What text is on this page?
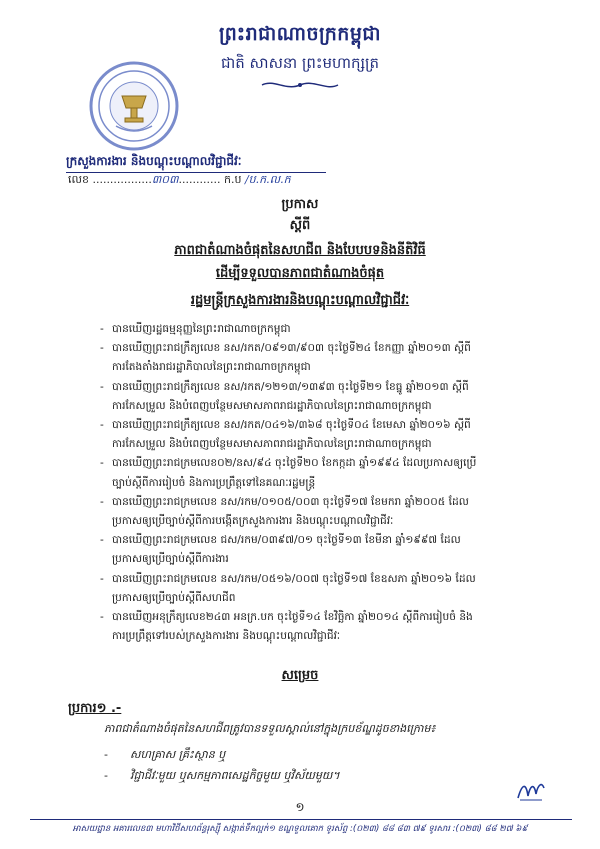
ព្រះរាជាណាចក្រកម្ពុជា
ជាតិ សាសនា ព្រះមហាក្សត្រ
ក្រសួងការងារ និងបណ្តុះបណ្តាលវិជ្ជាជីវៈ
លេខ .................៣០៣............ ក.ប /ប.ក.ល.ក
ប្រកាស
ស្តីពី
ភាពជាតំណាងចំផុតនៃសហជីព និងបែបបទនិងនីតិវិធី
ដើម្បីទទួលបានភាពជាតំណាងចំផុត
រដ្ឋមន្ត្រីក្រសួងការងារនិងបណ្តុះបណ្តាលវិជ្ជាជីវៈ
- បានឃើញរដ្ឋធម្មនុញ្ញនៃព្រះរាជាណាចក្រកម្ពុជា
- បានឃើញព្រះរាជក្រឹត្យលេខ នស/រកត/០៩១៣/៩០៣ ចុះថ្ងៃទី២៤ ខែកញ្ញា ឆ្នាំ២០១៣ ស្តីពី
ការតែងតាំងរាជរដ្ឋាភិបាលនៃព្រះរាជាណាចក្រកម្ពុជា
- បានឃើញព្រះរាជក្រឹត្យលេខ នស/រកត/១២១៣/១៣៩៣ ចុះថ្ងៃទី២១ ខែធ្នូ ឆ្នាំ២០១៣ ស្តីពី
ការកែសម្រួល និងបំពេញបន្ថែមសមាសភាពរាជរដ្ឋាភិបាលនៃព្រះរាជាណាចក្រកម្ពុជា
- បានឃើញព្រះរាជក្រឹត្យលេខ នស/រកត/០៤១៦/៣៦៨ ចុះថ្ងៃទី០៤ ខែមេសា ឆ្នាំ២០១៦ ស្តីពី
ការកែសម្រួល និងបំពេញបន្ថែមសមាសភាពរាជរដ្ឋាភិបាលនៃព្រះរាជាណាចក្រកម្ពុជា
- បានឃើញព្រះរាជក្រមលេខ០២/នស/៩៤ ចុះថ្ងៃទី២០ ខែកក្កដា ឆ្នាំ១៩៩៤ ដែលប្រកាសឲ្យប្រើ
ច្បាប់ស្តីពីការរៀបចំ និងការប្រព្រឹត្តទៅនៃគណៈរដ្ឋមន្ត្រី
- បានឃើញព្រះរាជក្រមលេខ នស/រកម/០១០៥/០០៣ ចុះថ្ងៃទី១៧ ខែមករា ឆ្នាំ២០០៥ ដែល
ប្រកាសឲ្យប្រើច្បាប់ស្តីពីការបង្កើតក្រសួងការងារ និងបណ្តុះបណ្តាលវិជ្ជាជីវៈ
- បានឃើញព្រះរាជក្រមលេខ ជស/រកម/០៣៩៧/០១ ចុះថ្ងៃទី១៣ ខែមីនា ឆ្នាំ១៩៩៧ ដែល
ប្រកាសឲ្យប្រើច្បាប់ស្តីពីការងារ
- បានឃើញព្រះរាជក្រមលេខ នស/រកម/០៥១៦/០០៧ ចុះថ្ងៃទី១៧ ខែឧសភា ឆ្នាំ២០១៦ ដែល
ប្រកាសឲ្យប្រើច្បាប់ស្តីពីសហជីព
- បានឃើញអនុក្រឹត្យលេខ២៤៣ អនក្រ.បក ចុះថ្ងៃទី១៤ ខែវិច្ឆិកា ឆ្នាំ២០១៤ ស្តីពីការរៀបចំ និង
ការប្រព្រឹត្តទៅរបស់ក្រសួងការងារ និងបណ្តុះបណ្តាលវិជ្ជាជីវៈ
សម្រេច
ប្រការ១ .-
ភាពជាតំណាងចំផុតនៃសហជីពត្រូវបានទទួលស្គាល់នៅក្នុងក្របខ័ណ្ឌដូចខាងក្រោម៖
- សហគ្រាស គ្រឹះស្ថាន ឬ
- វិជ្ជាជីវៈមួយ ឬសកម្មភាពសេដ្ឋកិច្ចមួយ ឬវិស័យមួយ។
១
អាសយដ្ឋាន អគារលេខ៣ មហាវិថីសហព័ន្ធរុស្ស៊ី សង្កាត់ទឹកល្អក់១ ខណ្ឌទួលគោក ទូរស័ព្ទ :(០២៣) ៨៨ ៨៣ ៧៩ ទូរសារ :(០២៣) ៨៨ ២៧ ៦៩
